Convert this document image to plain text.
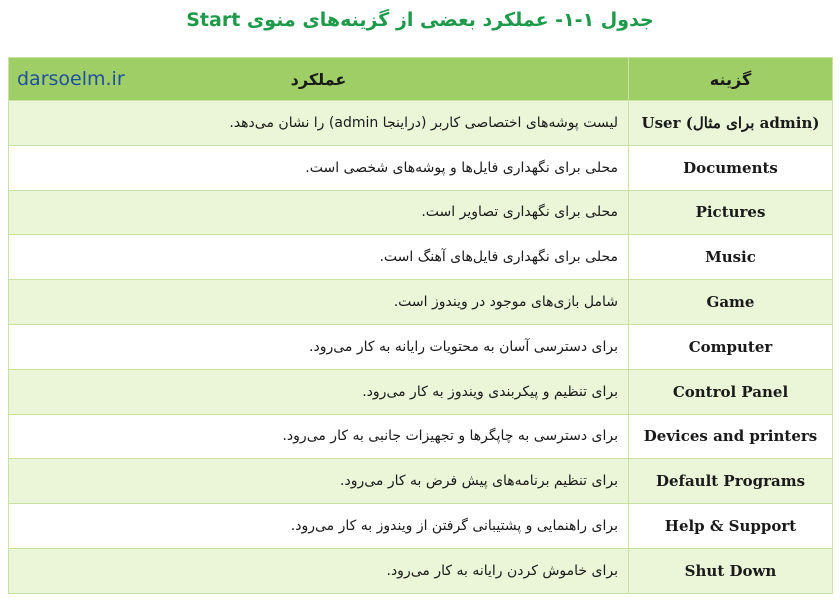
جدول ۱-۱- عملکرد بعضی از گزینه‌های منوی Start
darsoelm.ir عملکرد	گزینه
لیست پوشه‌های اختصاصی کاربر (دراینجا admin) را نشان می‌دهد.	User (برای مثال admin)
محلی برای نگهداری فایل‌ها و پوشه‌های شخصی است.	Documents
محلی برای نگهداری تصاویر است.	Pictures
محلی برای نگهداری فایل‌های آهنگ است.	Music
شامل بازی‌های موجود در ویندوز است.	Game
برای دسترسی آسان به محتویات رایانه به کار می‌رود.	Computer
برای تنظیم و پیکربندی ویندوز به کار می‌رود.	Control Panel
برای دسترسی به چاپگرها و تجهیزات جانبی به کار می‌رود.	Devices and printers
برای تنظیم برنامه‌های پیش فرض به کار می‌رود.	Default Programs
برای راهنمایی و پشتیبانی گرفتن از ویندوز به کار می‌رود.	Help & Support
برای خاموش کردن رایانه به کار می‌رود.	Shut Down
